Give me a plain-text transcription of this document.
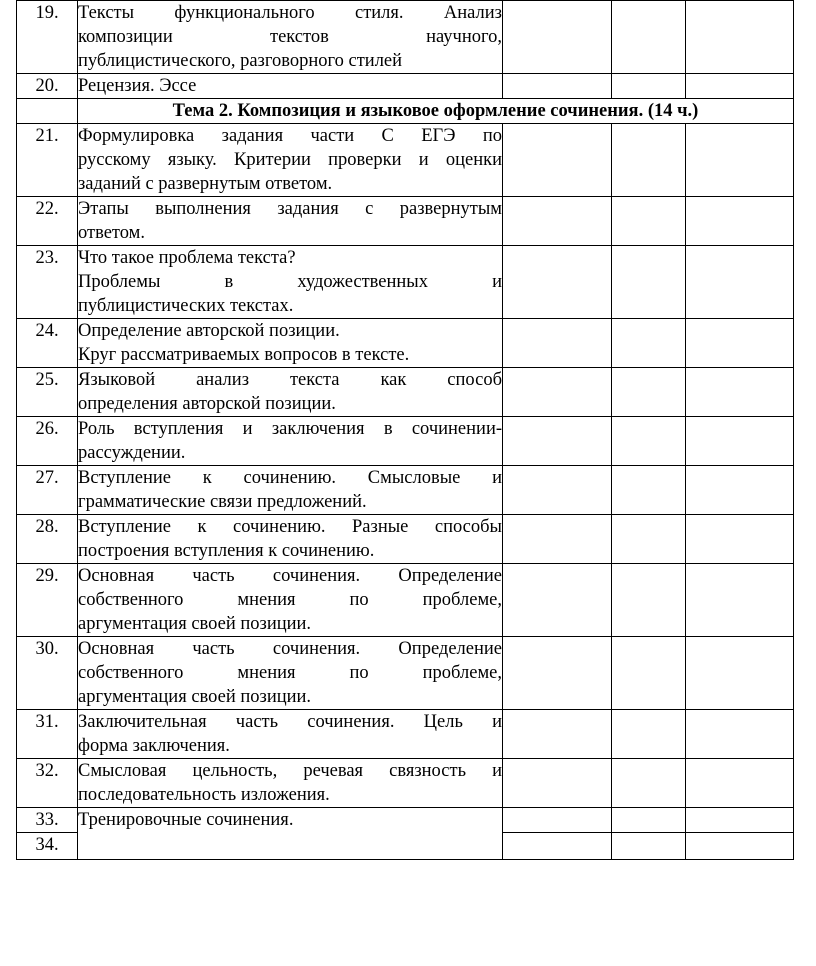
19.	Тексты функционального стиля. Анализ
композиции текстов научного,
публицистического, разговорного стилей			

20.	Рецензия. Эссе			

	Тема 2. Композиция и языковое оформление сочинения. (14 ч.)			
21.	Формулировка задания части С ЕГЭ по
русскому языку. Критерии проверки и оценки
заданий с развернутым ответом.			

22.	Этапы выполнения задания с развернутым
ответом.			

23.	Что такое проблема текста?
Проблемы в художественных и
публицистических текстах.			

24.	Определение авторской позиции.
Круг рассматриваемых вопросов в тексте.			

25.	Языковой анализ текста как способ
определения авторской позиции.			

26.	Роль вступления и заключения в сочинении-
рассуждении.			

27.	Вступление к сочинению. Смысловые и
грамматические связи предложений.			

28.	Вступление к сочинению. Разные способы
построения вступления к сочинению.			

29.	Основная часть сочинения. Определение
собственного мнения по проблеме,
аргументация своей позиции.			

30.	Основная часть сочинения. Определение
собственного мнения по проблеме,
аргументация своей позиции.			

31.	Заключительная часть сочинения. Цель и
форма заключения.			

32.	Смысловая цельность, речевая связность и
последовательность изложения.			

33.	Тренировочные сочинения.			

34.				
